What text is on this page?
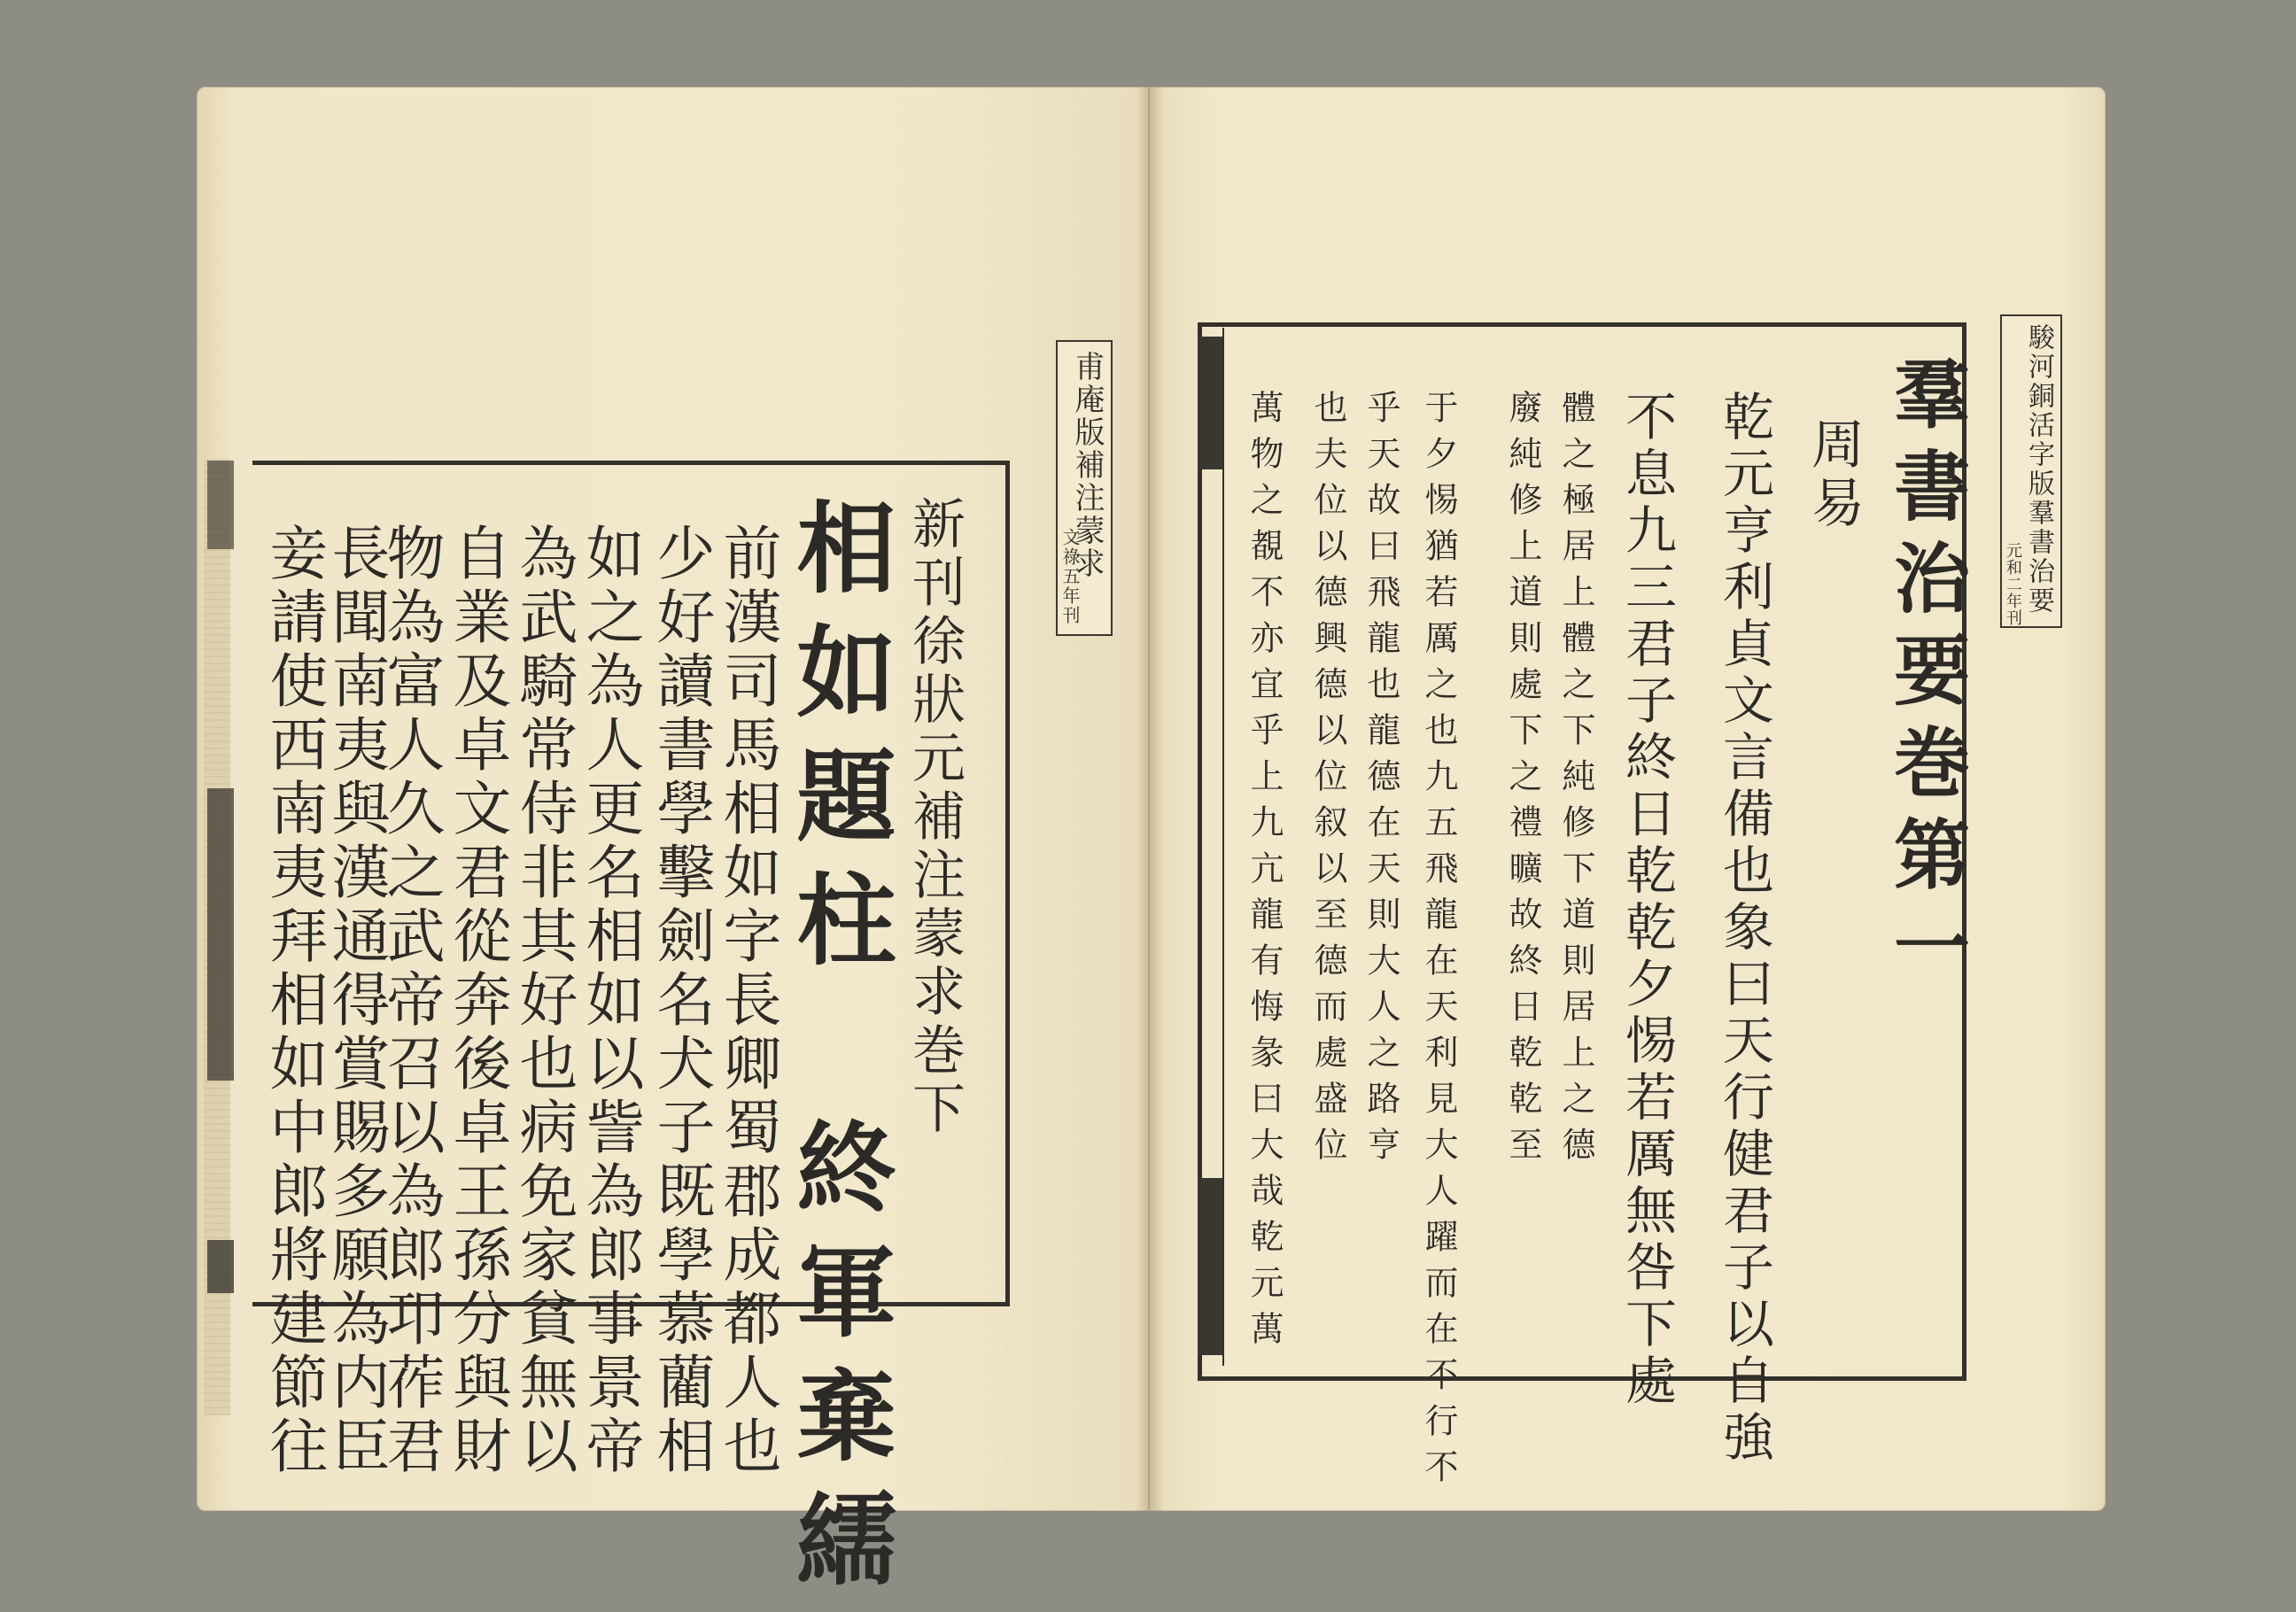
甫庵版補注蒙求
文祿五年刊
新刊徐狀元補注蒙求巻下
相如題柱　終軍棄繻
前漢司馬相如字長卿蜀郡成都人也
少好讀書學擊劍名犬子既學慕藺相
如之為人更名相如以訾為郎事景帝
為武騎常侍非其好也病免家貧無以
自業及卓文君從奔後卓王孫分與財
物為富人久之武帝召以為郎卭莋君
長聞南夷與漢通得賞賜多願為内臣
妾請使西南夷拜相如中郎將建節往
駿河銅活字版羣書治要
元和二年刊
羣書治要巻第一
周易
乾元亨利貞文言備也象曰天行健君子以自強
不息九三君子終日乾乾夕惕若厲無咎下處
體之極居上體之下純修下道則居上之德
廢純修上道則處下之禮曠故終日乾乾至
于夕惕猶若厲之也九五飛龍在天利見大人躍而在不行不
乎天故曰飛龍也龍德在天則大人之路亨
也夫位以德興德以位叙以至德而處盛位
萬物之覩不亦宜乎上九亢龍有悔彖曰大哉乾元萬
